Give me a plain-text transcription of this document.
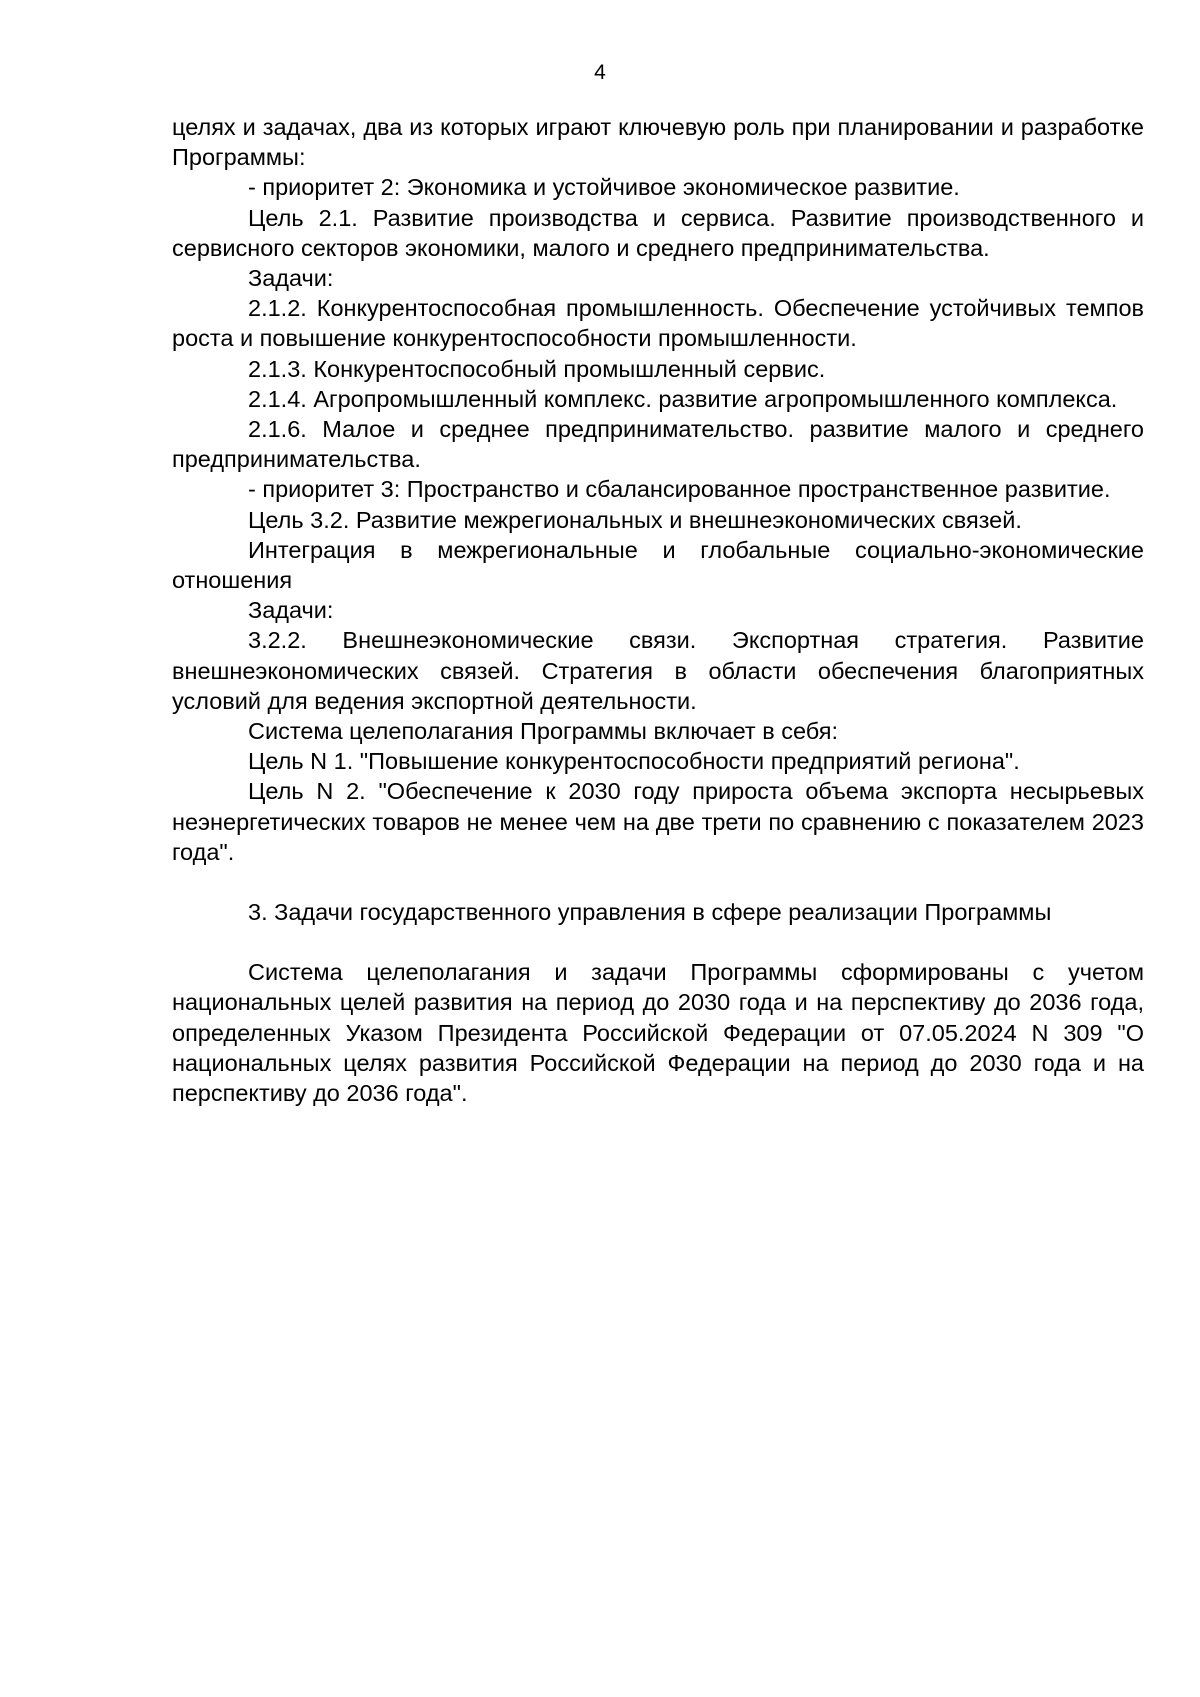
4

целях и задачах, два из которых играют ключевую роль при планировании и разработке Программы:

- приоритет 2: Экономика и устойчивое экономическое развитие.

Цель 2.1. Развитие производства и сервиса. Развитие производственного и сервисного секторов экономики, малого и среднего предпринимательства.

Задачи:

2.1.2. Конкурентоспособная промышленность. Обеспечение устойчивых темпов роста и повышение конкурентоспособности промышленности.

2.1.3. Конкурентоспособный промышленный сервис.

2.1.4. Агропромышленный комплекс. развитие агропромышленного комплекса.

2.1.6. Малое и среднее предпринимательство. развитие малого и среднего предпринимательства.

- приоритет 3: Пространство и сбалансированное пространственное развитие.

Цель 3.2. Развитие межрегиональных и внешнеэкономических связей.

Интеграция в межрегиональные и глобальные социально-экономические отношения

Задачи:

3.2.2. Внешнеэкономические связи. Экспортная стратегия. Развитие внешнеэкономических связей. Стратегия в области обеспечения благоприятных условий для ведения экспортной деятельности.

Система целеполагания Программы включает в себя:

Цель N 1. "Повышение конкурентоспособности предприятий региона".

Цель N 2. "Обеспечение к 2030 году прироста объема экспорта несырьевых неэнергетических товаров не менее чем на две трети по сравнению с показателем 2023 года".

3. Задачи государственного управления в сфере реализации Программы

Система целеполагания и задачи Программы сформированы с учетом национальных целей развития на период до 2030 года и на перспективу до 2036 года, определенных Указом Президента Российской Федерации от 07.05.2024 N 309 "О национальных целях развития Российской Федерации на период до 2030 года и на перспективу до 2036 года".
